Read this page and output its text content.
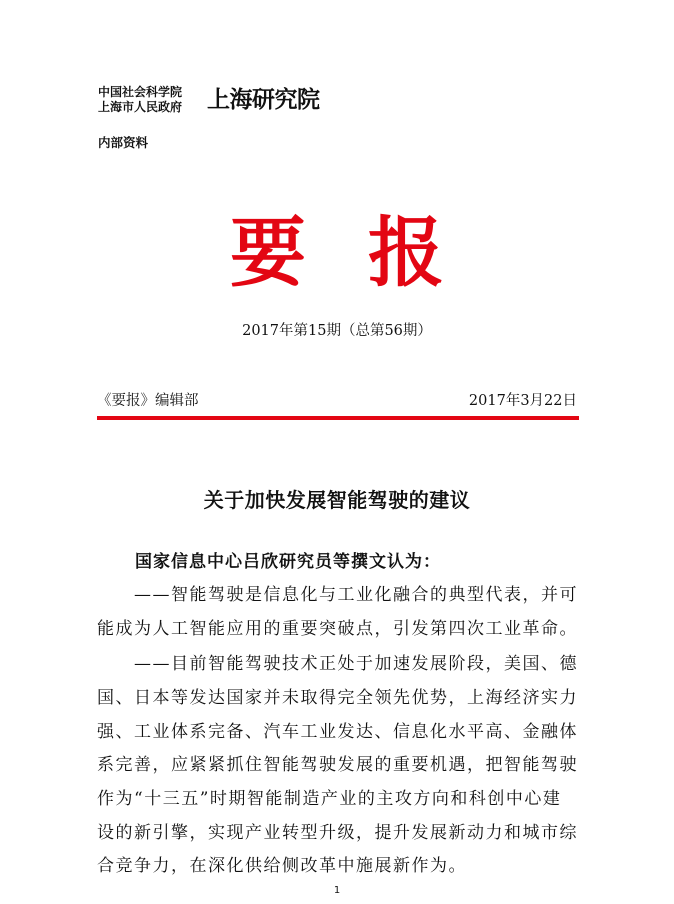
中国社会科学院
上海市人民政府 上海研究院
内部资料
要报
2017年第15期（总第56期）
《要报》编辑部	2017年3月22日
关于加快发展智能驾驶的建议
国家信息中心吕欣研究员等撰文认为：
——智能驾驶是信息化与工业化融合的典型代表，并可
能成为人工智能应用的重要突破点，引发第四次工业革命。
——目前智能驾驶技术正处于加速发展阶段，美国、德
国、日本等发达国家并未取得完全领先优势，上海经济实力
强、工业体系完备、汽车工业发达、信息化水平高、金融体
系完善，应紧紧抓住智能驾驶发展的重要机遇，把智能驾驶
作为“十三五”时期智能制造产业的主攻方向和科创中心建
设的新引擎，实现产业转型升级，提升发展新动力和城市综
合竞争力，在深化供给侧改革中施展新作为。
1
